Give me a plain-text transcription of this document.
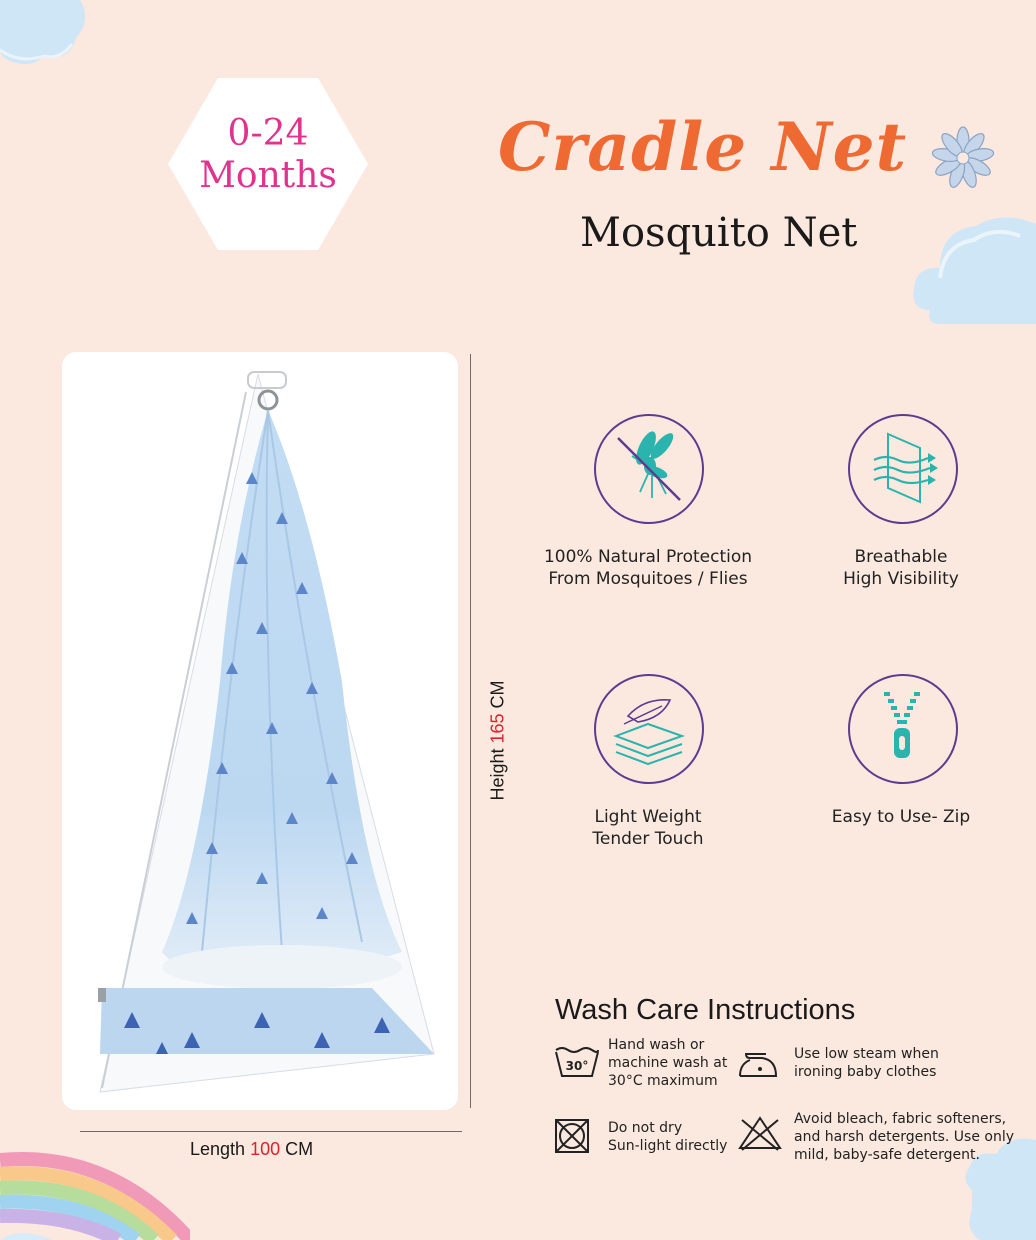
0-24
Months	Cradle Net
Mosquito Net
Height 165 CM
Length 100 CM
100% Natural Protection
From Mosquitoes / Flies
Breathable
High Visibility
Light Weight
Tender Touch
Easy to Use- Zip
Wash Care Instructions
30°
Hand wash or
machine wash at
30°C maximum
Use low steam when
ironing baby clothes
Do not dry
Sun-light directly
Avoid bleach, fabric softeners,
and harsh detergents. Use only
mild, baby-safe detergent.
